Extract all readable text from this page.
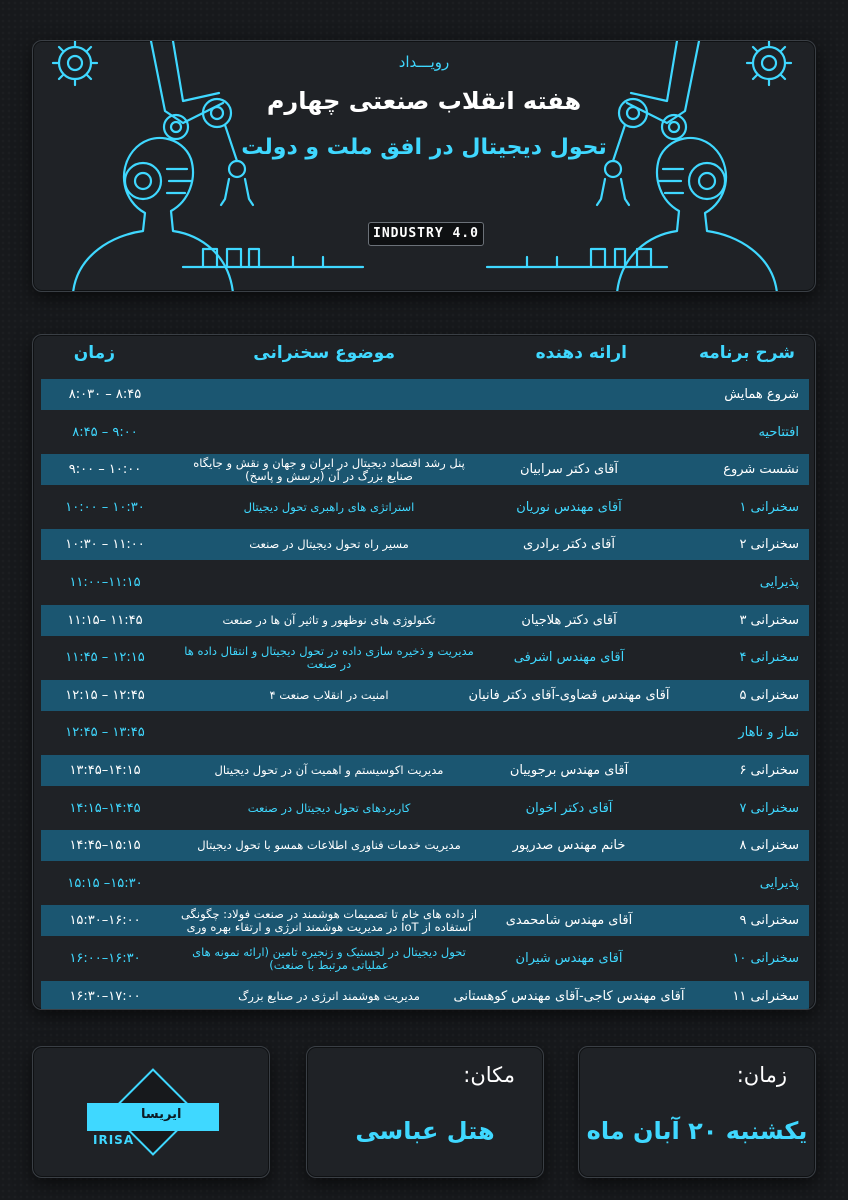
رویـــداد
هفته انقلاب صنعتی چهارم
تحول دیجیتال در افق ملت و دولت
INDUSTRY 4.0
شرح برنامه
ارائه دهنده
موضوع سخنرانی
زمان
شروع همایش
۸:۰۳۰ – ۸:۴۵
افتتاحیه
۸:۴۵ – ۹:۰۰
نشست شروع
آقای دکتر سرابیان
پنل رشد اقتصاد دیجیتال در ایران و جهان و نقش و جایگاه صنایع بزرگ در آن (پرسش و پاسخ)
۹:۰۰ – ۱۰:۰۰
سخنرانی ۱
آقای مهندس نوریان
استراتژی های راهبری تحول دیجیتال
۱۰:۰۰ – ۱۰:۳۰
سخنرانی ۲
آقای دکتر برادری
مسیر راه تحول دیجیتال در صنعت
۱۰:۳۰ – ۱۱:۰۰
پذیرایی
۱۱:۰۰–۱۱:۱۵
سخنرانی ۳
آقای دکتر هلاجیان
تکنولوژی های نوظهور و تاثیر آن ها در صنعت
۱۱:۱۵– ۱۱:۴۵
سخنرانی ۴
آقای مهندس اشرفی
مدیریت و ذخیره سازی داده در تحول دیجیتال و انتقال داده ها در صنعت
۱۱:۴۵ – ۱۲:۱۵
سخنرانی ۵
آقای مهندس قضاوی-آقای دکتر فانیان
امنیت در انقلاب صنعت ۴
۱۲:۱۵ – ۱۲:۴۵
نماز و ناهار
۱۲:۴۵ – ۱۳:۴۵
سخنرانی ۶
آقای مهندس برجوییان
مدیریت اکوسیستم و اهمیت آن در تحول دیجیتال
۱۳:۴۵–۱۴:۱۵
سخنرانی ۷
آقای دکتر اخوان
کاربردهای تحول دیجیتال در صنعت
۱۴:۱۵–۱۴:۴۵
سخنرانی ۸
خانم مهندس صدرپور
مدیریت خدمات فناوری اطلاعات همسو با تحول دیجیتال
۱۴:۴۵–۱۵:۱۵
پذیرایی
۱۵:۱۵ –۱۵:۳۰
سخنرانی ۹
آقای مهندس شامحمدی
از داده های خام تا تصمیمات هوشمند در صنعت فولاد: چگونگی استفاده از IoT در مدیریت هوشمند انرژی و ارتقاء بهره وری
۱۵:۳۰–۱۶:۰۰
سخنرانی ۱۰
آقای مهندس شیران
تحول دیجیتال در لجستیک و زنجیره تامین (ارائه نمونه های عملیاتی مرتبط با صنعت)
۱۶:۰۰–۱۶:۳۰
سخنرانی ۱۱
آقای مهندس کاجی-آقای مهندس کوهستانی
مدیریت هوشمند انرژی در صنایع بزرگ
۱۶:۳۰–۱۷:۰۰
زمان:
یکشنبه ۲۰ آبان ماه
مکان:
هتل عباسی
ایریسا
IRISA
